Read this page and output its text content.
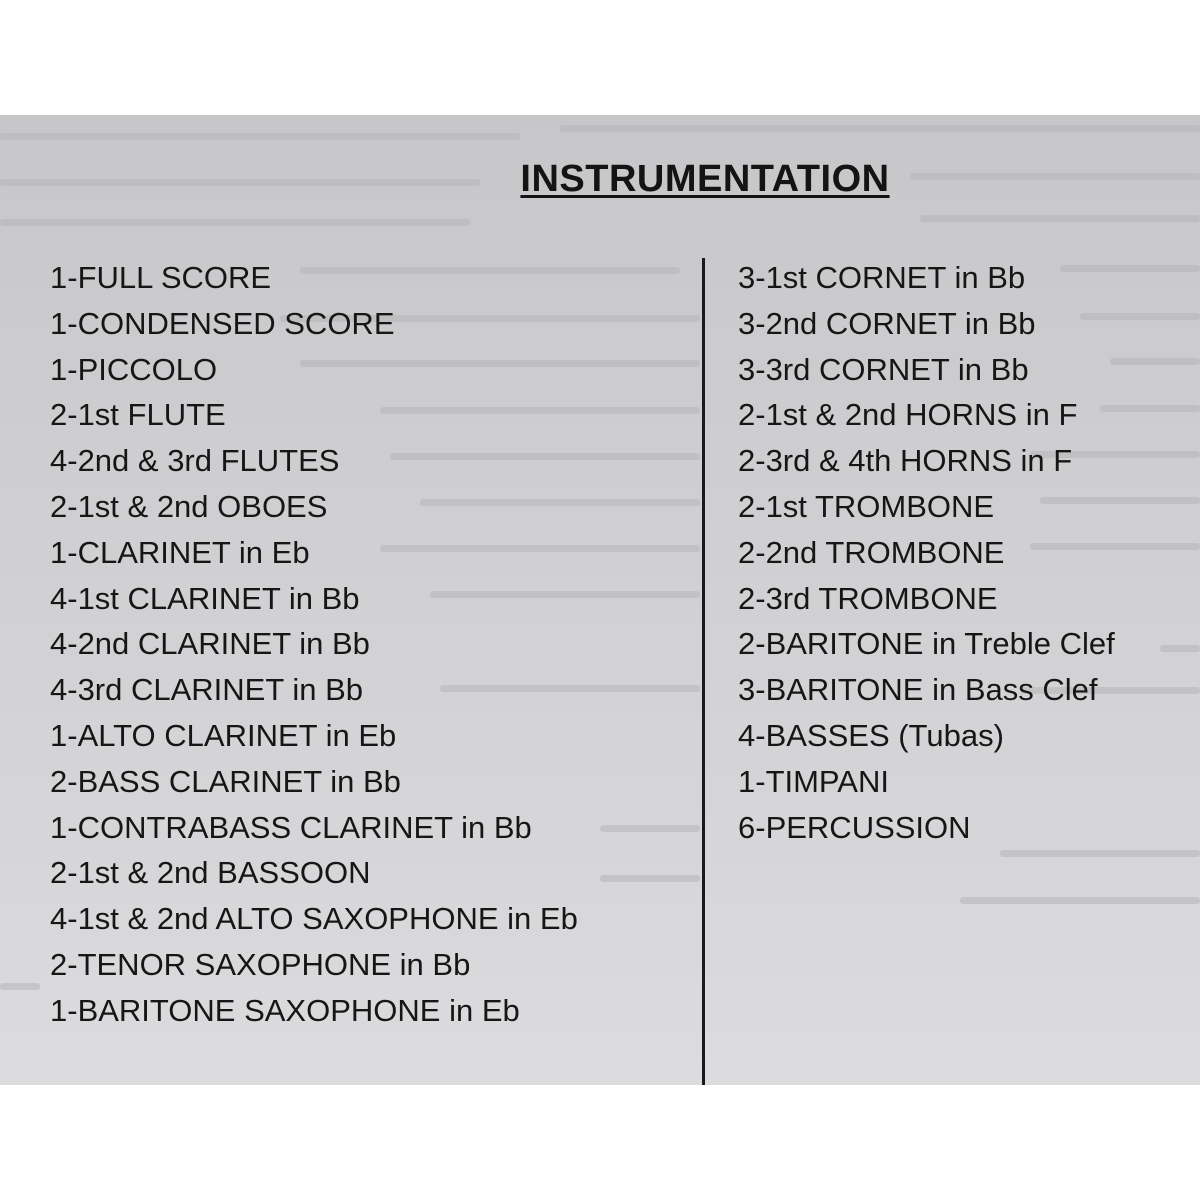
INSTRUMENTATION
1-FULL SCORE
1-CONDENSED SCORE
1-PICCOLO
2-1st FLUTE
4-2nd & 3rd FLUTES
2-1st & 2nd OBOES
1-CLARINET in Eb
4-1st CLARINET in Bb
4-2nd CLARINET in Bb
4-3rd CLARINET in Bb
1-ALTO CLARINET in Eb
2-BASS CLARINET in Bb
1-CONTRABASS CLARINET in Bb
2-1st & 2nd BASSOON
4-1st & 2nd ALTO SAXOPHONE in Eb
2-TENOR SAXOPHONE in Bb
1-BARITONE SAXOPHONE in Eb
3-1st CORNET in Bb
3-2nd CORNET in Bb
3-3rd CORNET in Bb
2-1st & 2nd HORNS in F
2-3rd & 4th HORNS in F
2-1st TROMBONE
2-2nd TROMBONE
2-3rd TROMBONE
2-BARITONE in Treble Clef
3-BARITONE in Bass Clef
4-BASSES (Tubas)
1-TIMPANI
6-PERCUSSION
